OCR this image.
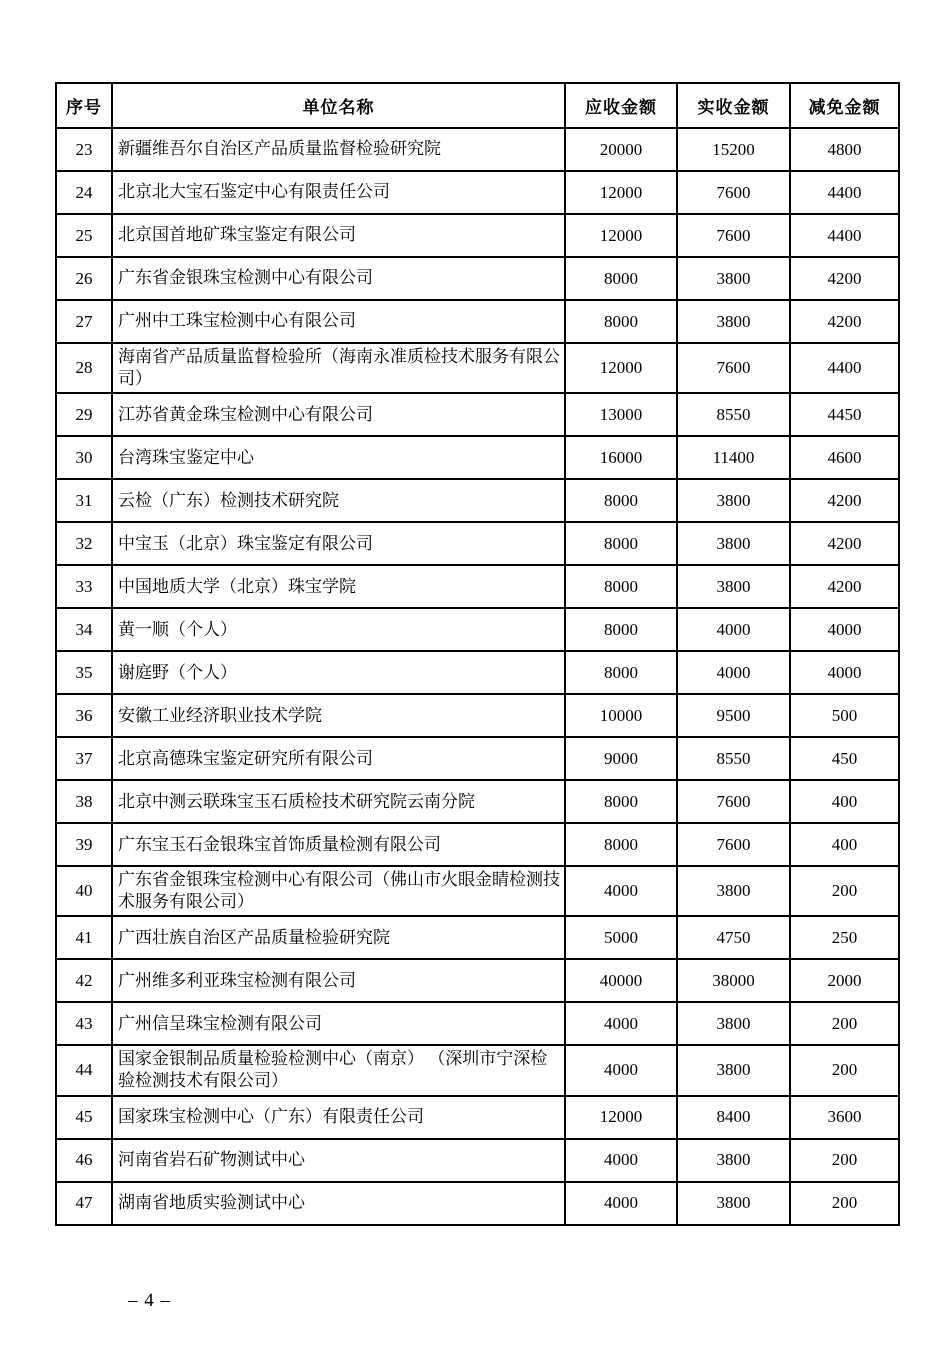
序号	单位名称	应收金额	实收金额	减免金额
23	新疆维吾尔自治区产品质量监督检验研究院	20000	15200	4800
24	北京北大宝石鉴定中心有限责任公司	12000	7600	4400
25	北京国首地矿珠宝鉴定有限公司	12000	7600	4400
26	广东省金银珠宝检测中心有限公司	8000	3800	4200
27	广州中工珠宝检测中心有限公司	8000	3800	4200
28	海南省产品质量监督检验所（海南永准质检技术服务有限公司）	12000	7600	4400
29	江苏省黄金珠宝检测中心有限公司	13000	8550	4450
30	台湾珠宝鉴定中心	16000	11400	4600
31	云检（广东）检测技术研究院	8000	3800	4200
32	中宝玉（北京）珠宝鉴定有限公司	8000	3800	4200
33	中国地质大学（北京）珠宝学院	8000	3800	4200
34	黄一顺（个人）	8000	4000	4000
35	谢庭野（个人）	8000	4000	4000
36	安徽工业经济职业技术学院	10000	9500	500
37	北京高德珠宝鉴定研究所有限公司	9000	8550	450
38	北京中测云联珠宝玉石质检技术研究院云南分院	8000	7600	400
39	广东宝玉石金银珠宝首饰质量检测有限公司	8000	7600	400
40	广东省金银珠宝检测中心有限公司（佛山市火眼金睛检测技术服务有限公司）	4000	3800	200
41	广西壮族自治区产品质量检验研究院	5000	4750	250
42	广州维多利亚珠宝检测有限公司	40000	38000	2000
43	广州信呈珠宝检测有限公司	4000	3800	200
44	国家金银制品质量检验检测中心（南京） （深圳市宁深检验检测技术有限公司）	4000	3800	200
45	国家珠宝检测中心（广东）有限责任公司	12000	8400	3600
46	河南省岩石矿物测试中心	4000	3800	200
47	湖南省地质实验测试中心	4000	3800	200
– 4 –
